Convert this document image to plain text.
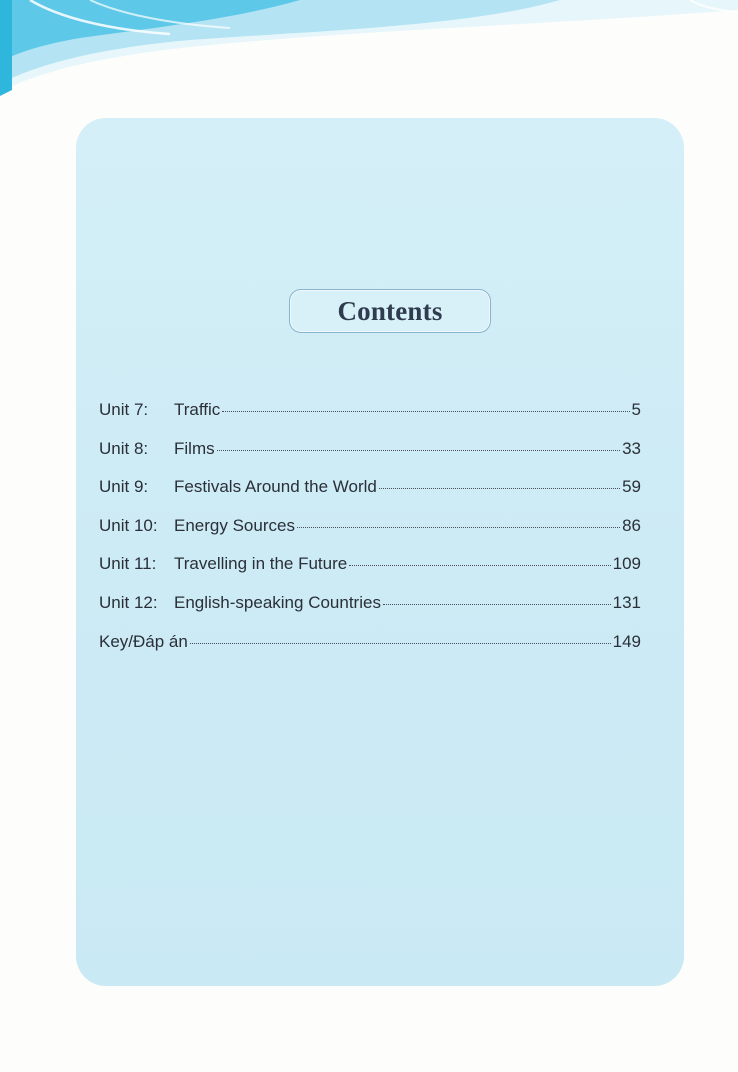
Contents
Unit 7:	Traffic	5
Unit 8:	Films	33
Unit 9:	Festivals Around the World	59
Unit 10: Energy Sources	86
Unit 11:	Travelling in the Future	109
Unit 12: English-speaking Countries	131
Key/Đáp án	149
